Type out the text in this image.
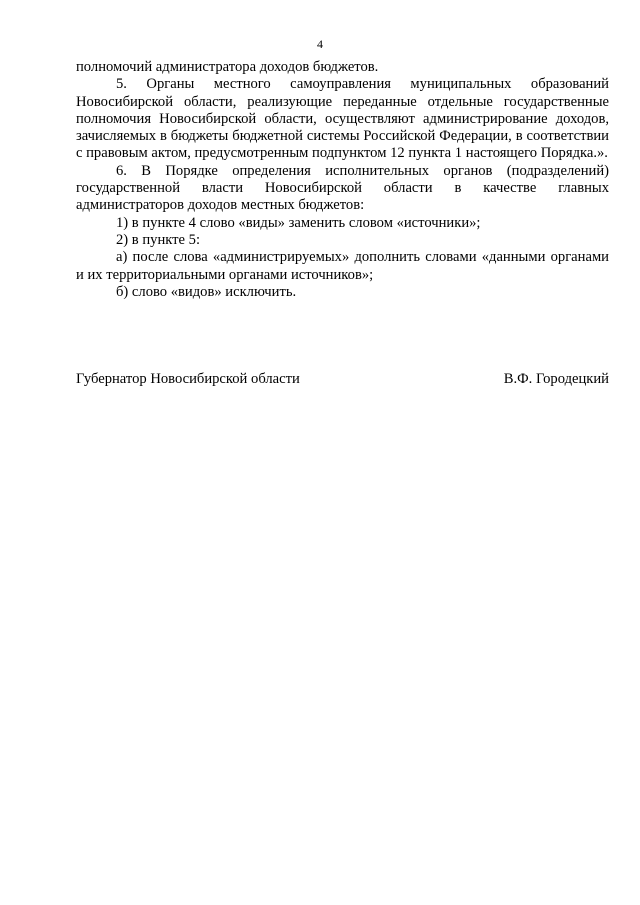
4

полномочий администратора доходов бюджетов.

5. Органы местного самоуправления муниципальных образований Новосибирской области, реализующие переданные отдельные государственные полномочия Новосибирской области, осуществляют администрирование доходов, зачисляемых в бюджеты бюджетной системы Российской Федерации, в соответствии с правовым актом, предусмотренным подпунктом 12 пункта 1 настоящего Порядка.».

6. В Порядке определения исполнительных органов (подразделений) государственной власти Новосибирской области в качестве главных администраторов доходов местных бюджетов:

1) в пункте 4 слово «виды» заменить словом «источники»;

2) в пункте 5:

а) после слова «администрируемых» дополнить словами «данными органами и их территориальными органами источников»;

б) слово «видов» исключить.

Губернатор Новосибирской области	В.Ф. Городецкий
